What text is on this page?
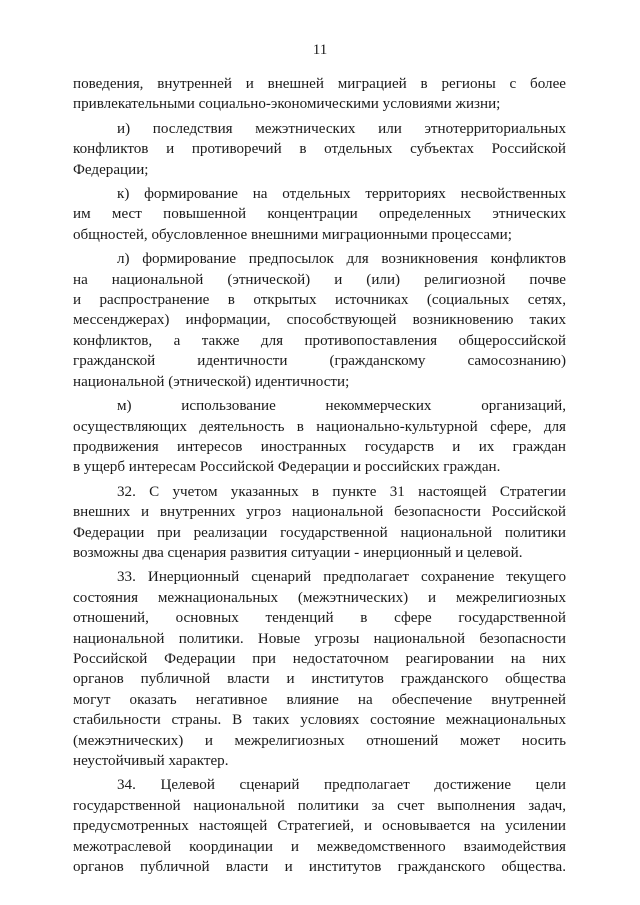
11
поведения, внутренней и внешней миграцией в регионы с более
привлекательными социально-экономическими условиями жизни;
и) последствия межэтнических или этнотерриториальных
конфликтов и противоречий в отдельных субъектах Российской
Федерации;
к) формирование на отдельных территориях несвойственных
им мест повышенной концентрации определенных этнических
общностей, обусловленное внешними миграционными процессами;
л) формирование предпосылок для возникновения конфликтов
на национальной (этнической) и (или) религиозной почве
и распространение в открытых источниках (социальных сетях,
мессенджерах) информации, способствующей возникновению таких
конфликтов, а также для противопоставления общероссийской
гражданской идентичности (гражданскому самосознанию)
национальной (этнической) идентичности;
м) использование некоммерческих организаций,
осуществляющих деятельность в национально-культурной сфере, для
продвижения интересов иностранных государств и их граждан
в ущерб интересам Российской Федерации и российских граждан.
32. С учетом указанных в пункте 31 настоящей Стратегии
внешних и внутренних угроз национальной безопасности Российской
Федерации при реализации государственной национальной политики
возможны два сценария развития ситуации - инерционный и целевой.
33. Инерционный сценарий предполагает сохранение текущего
состояния межнациональных (межэтнических) и межрелигиозных
отношений, основных тенденций в сфере государственной
национальной политики. Новые угрозы национальной безопасности
Российской Федерации при недостаточном реагировании на них
органов публичной власти и институтов гражданского общества
могут оказать негативное влияние на обеспечение внутренней
стабильности страны. В таких условиях состояние межнациональных
(межэтнических) и межрелигиозных отношений может носить
неустойчивый характер.
34. Целевой сценарий предполагает достижение цели
государственной национальной политики за счет выполнения задач,
предусмотренных настоящей Стратегией, и основывается на усилении
межотраслевой координации и межведомственного взаимодействия
органов публичной власти и институтов гражданского общества.
